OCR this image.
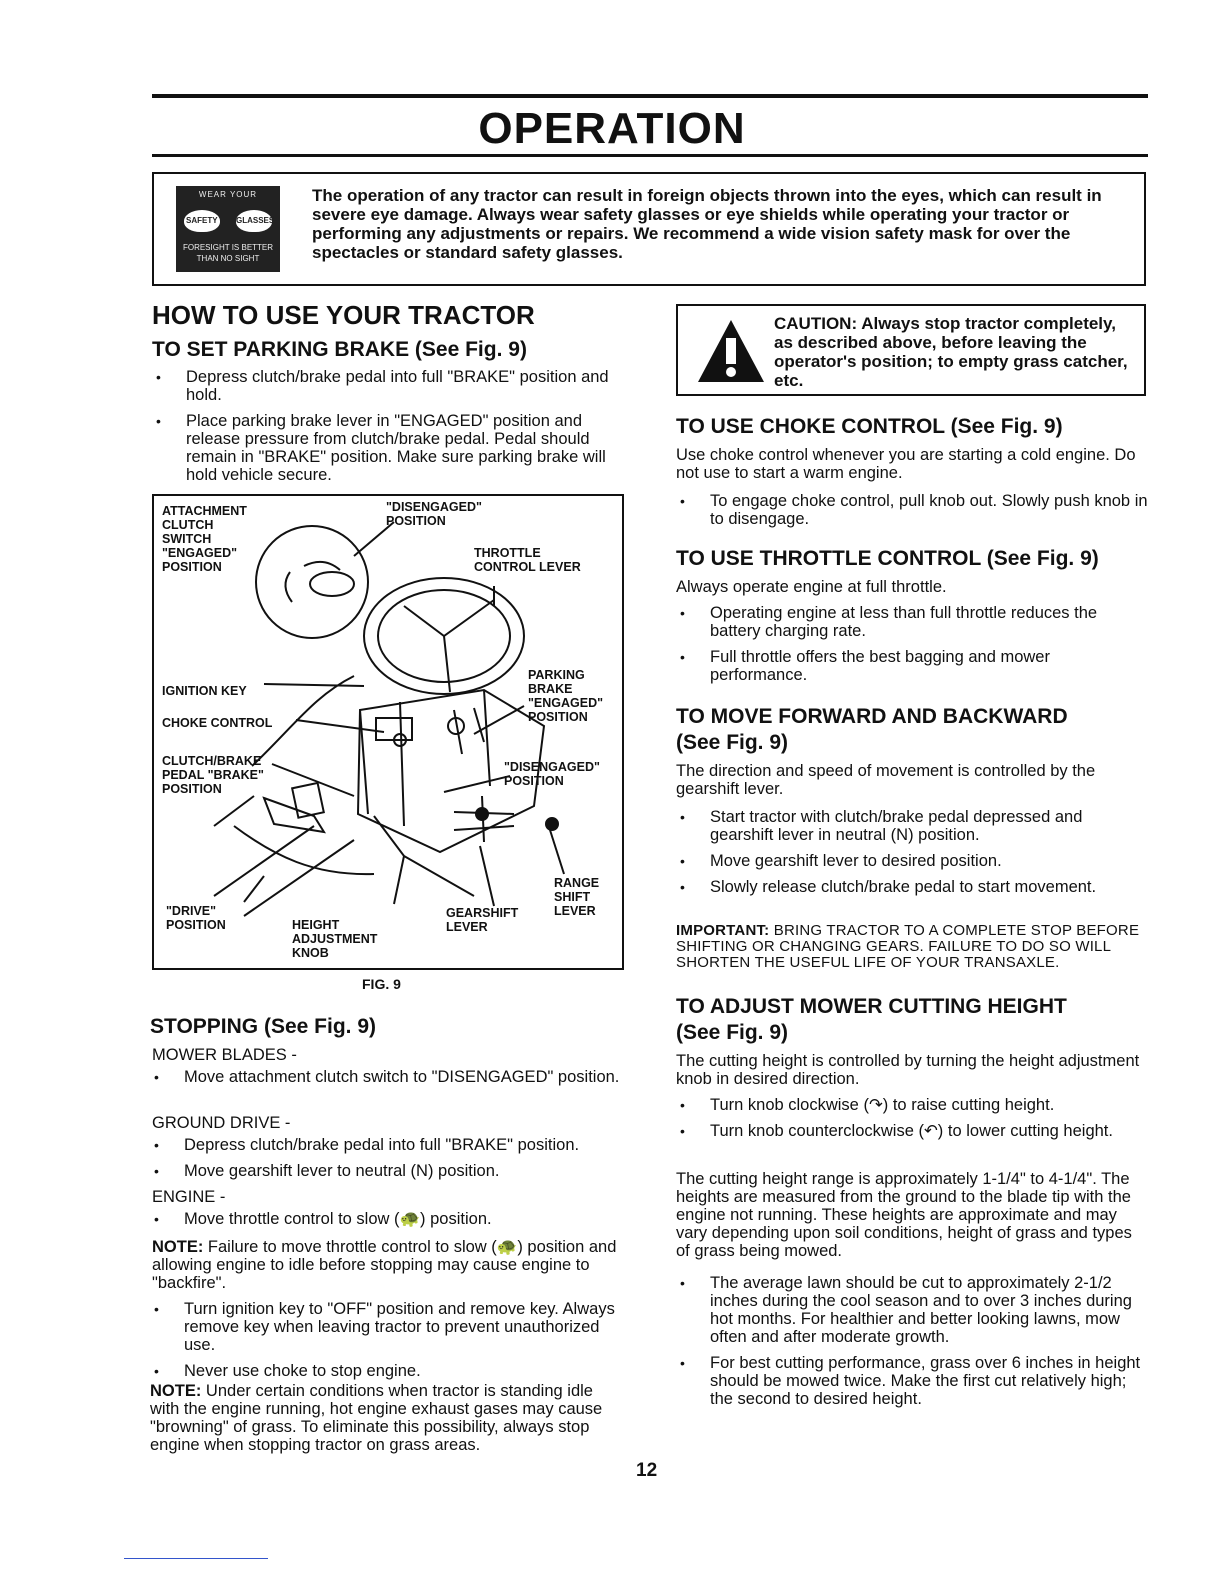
OPERATION
WEAR YOUR
SAFETY GLASSES
FORESIGHT IS BETTER THAN NO SIGHT
The operation of any tractor can result in foreign objects thrown into the eyes, which can result in severe eye damage. Always wear safety glasses or eye shields while operating your tractor or performing any adjustments or repairs. We recommend a wide vision safety mask for over the spectacles or standard safety glasses.
HOW TO USE YOUR TRACTOR
TO SET PARKING BRAKE (See Fig. 9)
• Depress clutch/brake pedal into full "BRAKE" position and hold.
• Place parking brake lever in "ENGAGED" position and release pressure from clutch/brake pedal. Pedal should remain in "BRAKE" position. Make sure parking brake will hold vehicle secure.
ATTACHMENT
CLUTCH
SWITCH
"ENGAGED"
POSITION
"DISENGAGED"
POSITION
THROTTLE
CONTROL LEVER
PARKING
BRAKE
"ENGAGED"
POSITION
IGNITION KEY
CHOKE CONTROL
CLUTCH/BRAKE
PEDAL "BRAKE"
POSITION
"DISENGAGED"
POSITION
RANGE
SHIFT
LEVER
"DRIVE"
POSITION	HEIGHT
ADJUSTMENT
KNOB
GEARSHIFT
LEVER
FIG. 9
STOPPING (See Fig. 9)
MOWER BLADES -
• Move attachment clutch switch to "DISENGAGED" position.
GROUND DRIVE -
• Depress clutch/brake pedal into full "BRAKE" position.
• Move gearshift lever to neutral (N) position.
ENGINE -
• Move throttle control to slow (🐢) position.

NOTE: Failure to move throttle control to slow (🐢) position and allowing engine to idle before stopping may cause engine to "backfire".

• Turn ignition key to "OFF" position and remove key. Always remove key when leaving tractor to prevent unauthorized use.
• Never use choke to stop engine.

NOTE: Under certain conditions when tractor is standing idle with the engine running, hot engine exhaust gases may cause "browning" of grass. To eliminate this possibility, always stop engine when stopping tractor on grass areas.

CAUTION: Always stop tractor completely, as described above, before leaving the operator's position; to empty grass catcher, etc.
TO USE CHOKE CONTROL (See Fig. 9)

Use choke control whenever you are starting a cold engine. Do not use to start a warm engine.

• To engage choke control, pull knob out. Slowly push knob in to disengage.
TO USE THROTTLE CONTROL (See Fig. 9)

Always operate engine at full throttle.

• Operating engine at less than full throttle reduces the battery charging rate.
• Full throttle offers the best bagging and mower performance.
TO MOVE FORWARD AND BACKWARD
(See Fig. 9)

The direction and speed of movement is controlled by the gearshift lever.

• Start tractor with clutch/brake pedal depressed and gearshift lever in neutral (N) position.
• Move gearshift lever to desired position.
• Slowly release clutch/brake pedal to start movement.

IMPORTANT: BRING TRACTOR TO A COMPLETE STOP BEFORE SHIFTING OR CHANGING GEARS. FAILURE TO DO SO WILL SHORTEN THE USEFUL LIFE OF YOUR TRANSAXLE.

TO ADJUST MOWER CUTTING HEIGHT
(See Fig. 9)

The cutting height is controlled by turning the height adjustment knob in desired direction.

• Turn knob clockwise (↷) to raise cutting height.
• Turn knob counterclockwise (↶) to lower cutting height.

The cutting height range is approximately 1-1/4" to 4-1/4". The heights are measured from the ground to the blade tip with the engine not running. These heights are approximate and may vary depending upon soil conditions, height of grass and types of grass being mowed.

• The average lawn should be cut to approximately 2-1/2 inches during the cool season and to over 3 inches during hot months. For healthier and better looking lawns, mow often and after moderate growth.
• For best cutting performance, grass over 6 inches in height should be mowed twice. Make the first cut relatively high; the second to desired height.
12
